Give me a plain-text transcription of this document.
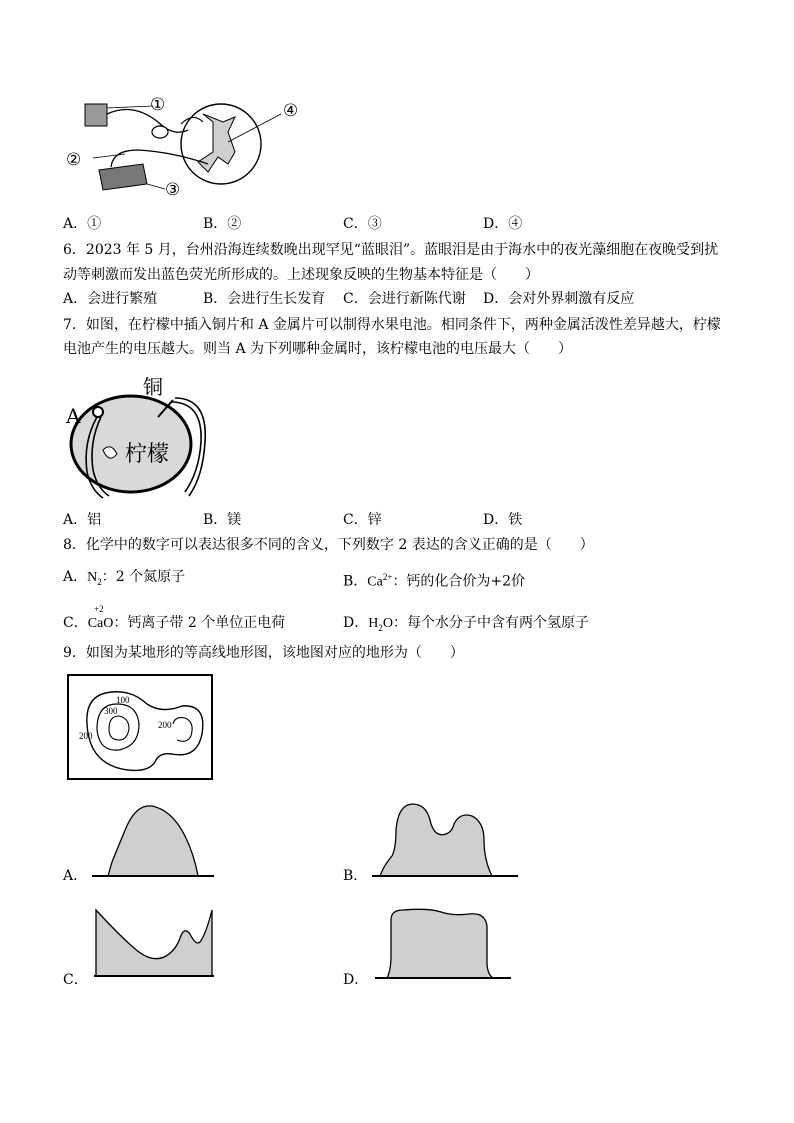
①
②
③
④
A．①	B．②	C．③	D．④
6．2023 年 5 月，台州沿海连续数晚出现罕见“蓝眼泪”。蓝眼泪是由于海水中的夜光藻细胞在夜晚受到扰
动等刺激而发出蓝色荧光所形成的。上述现象反映的生物基本特征是（　　）
A．会进行繁殖	B．会进行生长发育 C．会进行新陈代谢 D．会对外界刺激有反应
7．如图，在柠檬中插入铜片和 A 金属片可以制得水果电池。相同条件下，两种金属活泼性差异越大，柠檬
电池产生的电压越大。则当 A 为下列哪种金属时，该柠檬电池的电压最大（　　）
铜
A
柠檬
A．铝	B．镁	C．锌	D．铁
8．化学中的数字可以表达很多不同的含义，下列数字 2 表达的含义正确的是（　　）
A．$N_2$：2 个氮原子	B．$Ca^{2+}$：钙的化合价为+2价
+2
C．CaO：钙离子带 2 个单位正电荷	D．$H_2O$：每个水分子中含有两个氢原子
9．如图为某地形的等高线地形图，该地图对应的地形为（　　）
100
300
200
200
A．	B．
C．	D．
